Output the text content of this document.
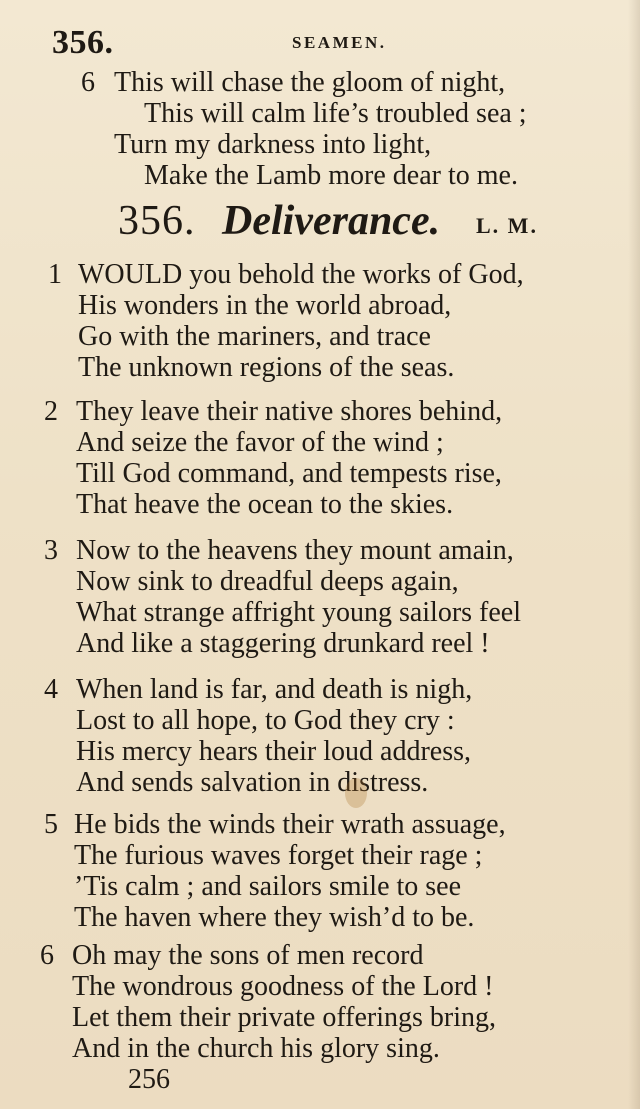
356.	SEAMEN.
6 This will chase the gloom of night,
This will calm life’s troubled sea ;
Turn my darkness into light,
Make the Lamb more dear to me.
356. Deliverance. L. M.
1 WOULD you behold the works of God,
His wonders in the world abroad,
Go with the mariners, and trace
The unknown regions of the seas.
2 They leave their native shores behind,
And seize the favor of the wind ;
Till God command, and tempests rise,
That heave the ocean to the skies.
3 Now to the heavens they mount amain,
Now sink to dreadful deeps again,
What strange affright young sailors feel
And like a staggering drunkard reel !
4 When land is far, and death is nigh,
Lost to all hope, to God they cry :
His mercy hears their loud address,
And sends salvation in distress.
5 He bids the winds their wrath assuage,
The furious waves forget their rage ;
’Tis calm ; and sailors smile to see
The haven where they wish’d to be.
6 Oh may the sons of men record
The wondrous goodness of the Lord !
Let them their private offerings bring,
And in the church his glory sing.
256
